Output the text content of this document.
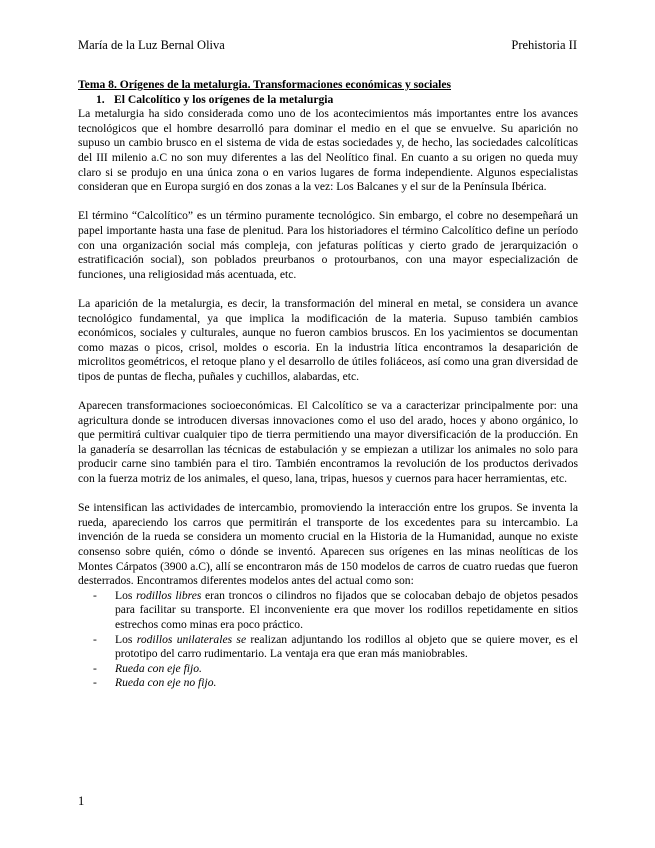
María de la Luz Bernal Oliva	Prehistoria II

Tema 8. Orígenes de la metalurgia. Transformaciones económicas y sociales

1. El Calcolítico y los orígenes de la metalurgia

La metalurgia ha sido considerada como uno de los acontecimientos más importantes entre los avances tecnológicos que el hombre desarrolló para dominar el medio en el que se envuelve. Su aparición no supuso un cambio brusco en el sistema de vida de estas sociedades y, de hecho, las sociedades calcolíticas del III milenio a.C no son muy diferentes a las del Neolítico final. En cuanto a su origen no queda muy claro si se produjo en una única zona o en varios lugares de forma independiente. Algunos especialistas consideran que en Europa surgió en dos zonas a la vez: Los Balcanes y el sur de la Península Ibérica.

El término “Calcolítico” es un término puramente tecnológico. Sin embargo, el cobre no desempeñará un papel importante hasta una fase de plenitud. Para los historiadores el término Calcolítico define un período con una organización social más compleja, con jefaturas políticas y cierto grado de jerarquización o estratificación social), son poblados preurbanos o protourbanos, con una mayor especialización de funciones, una religiosidad más acentuada, etc.

La aparición de la metalurgia, es decir, la transformación del mineral en metal, se considera un avance tecnológico fundamental, ya que implica la modificación de la materia. Supuso también cambios económicos, sociales y culturales, aunque no fueron cambios bruscos. En los yacimientos se documentan como mazas o picos, crisol, moldes o escoria. En la industria lítica encontramos la desaparición de microlitos geométricos, el retoque plano y el desarrollo de útiles foliáceos, así como una gran diversidad de tipos de puntas de flecha, puñales y cuchillos, alabardas, etc.

Aparecen transformaciones socioeconómicas. El Calcolítico se va a caracterizar principalmente por: una agricultura donde se introducen diversas innovaciones como el uso del arado, hoces y abono orgánico, lo que permitirá cultivar cualquier tipo de tierra permitiendo una mayor diversificación de la producción. En la ganadería se desarrollan las técnicas de estabulación y se empiezan a utilizar los animales no solo para producir carne sino también para el tiro. También encontramos la revolución de los productos derivados con la fuerza motriz de los animales, el queso, lana, tripas, huesos y cuernos para hacer herramientas, etc.

Se intensifican las actividades de intercambio, promoviendo la interacción entre los grupos. Se inventa la rueda, apareciendo los carros que permitirán el transporte de los excedentes para su intercambio. La invención de la rueda se considera un momento crucial en la Historia de la Humanidad, aunque no existe consenso sobre quién, cómo o dónde se inventó. Aparecen sus orígenes en las minas neolíticas de los Montes Cárpatos (3900 a.C), allí se encontraron más de 150 modelos de carros de cuatro ruedas que fueron desterrados. Encontramos diferentes modelos antes del actual como son:

- Los rodillos libres eran troncos o cilindros no fijados que se colocaban debajo de objetos pesados para facilitar su transporte. El inconveniente era que mover los rodillos repetidamente en sitios estrechos como minas era poco práctico.
- Los rodillos unilaterales se realizan adjuntando los rodillos al objeto que se quiere mover, es el prototipo del carro rudimentario. La ventaja era que eran más maniobrables.
- Rueda con eje fijo.
- Rueda con eje no fijo.
1
